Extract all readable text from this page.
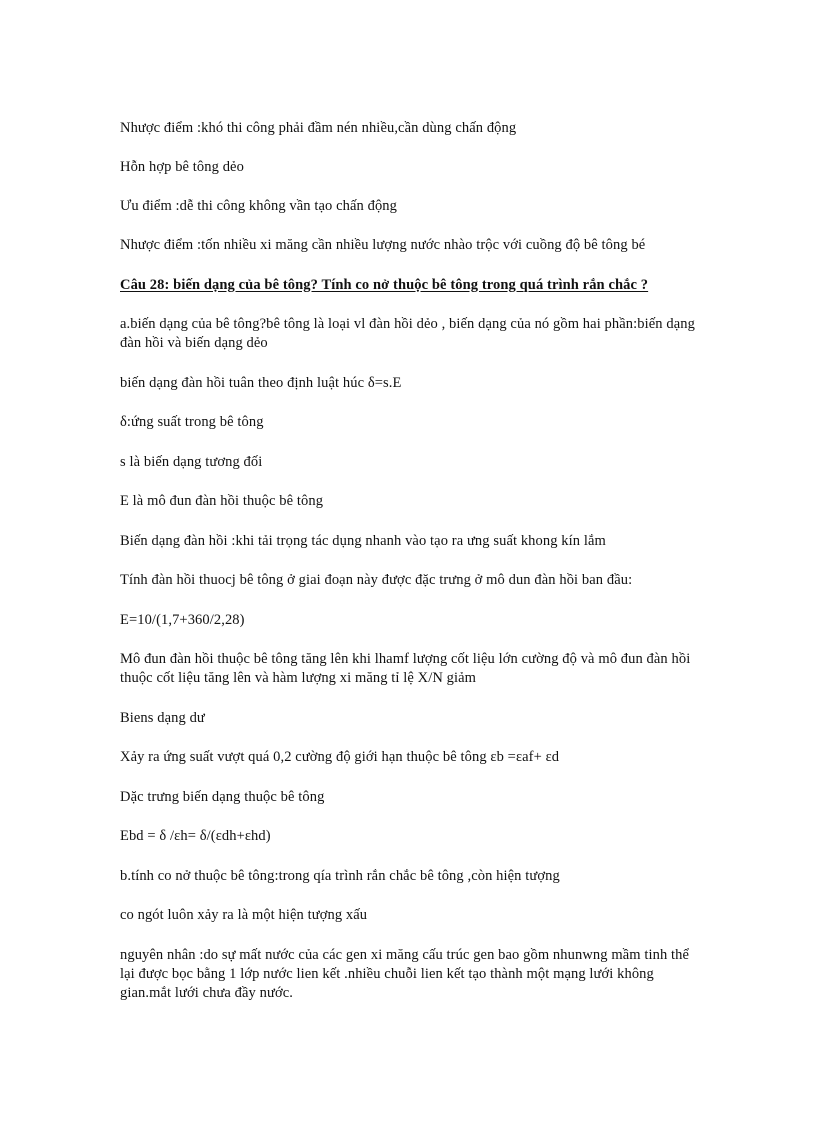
Nhược điểm :khó thi công phải đầm nén nhiều,cần dùng chấn động

Hỗn hợp bê tông dẻo

Ưu điểm :dễ thi công không vần tạo chấn động

Nhược điểm :tốn nhiều xi măng cần nhiều lượng nước nhào trộc với cuồng độ bê tông bé

Câu 28: biến dạng của bê tông? Tính co nở thuộc bê tông trong quá trình rắn chắc ?

a.biến dạng của bê tông?bê tông là loại vl đàn hồi dẻo , biến dạng của nó gồm hai phần:biến dạng đàn hồi và biến dạng dẻo

biến dạng đàn hồi tuân theo định luật húc δ=s.E

δ:ứng suất trong bê tông

s là biến dạng tương đối

E là mô đun đàn hồi thuộc bê tông

Biến dạng đàn hồi :khi tải trọng tác dụng nhanh vào tạo ra ưng suất khong kín lắm

Tính đàn hồi thuocj bê tông ở giai đoạn này được đặc trưng ở mô dun đàn hồi ban đầu:

E=10/(1,7+360/2,28)

Mô đun đàn hồi thuộc bê tông tăng lên khi lhamf lượng cốt liệu lớn cường độ và mô đun đàn hồi thuộc cốt liệu tăng lên và hàm lượng xi măng tỉ lệ X/N giảm

Biens dạng dư

Xảy ra ứng suất vượt quá 0,2 cường độ giới hạn thuộc bê tông εb =εaf+ εd

Dặc trưng biến dạng thuộc bê tông

Ebd = δ /εh= δ/(εdh+εhd)

b.tính co nở thuộc bê tông:trong qía trình rắn chắc bê tông ,còn hiện tượng

co ngót luôn xảy ra là một hiện tượng xấu

nguyên nhân :do sự mất nước của các gen xi măng cấu trúc gen bao gồm nhunwng mầm tinh thể lại được bọc bằng 1 lớp nước lien kết .nhiều chuỗi lien kết tạo thành một mạng lưới không gian.mắt lưới chưa đầy nước.
